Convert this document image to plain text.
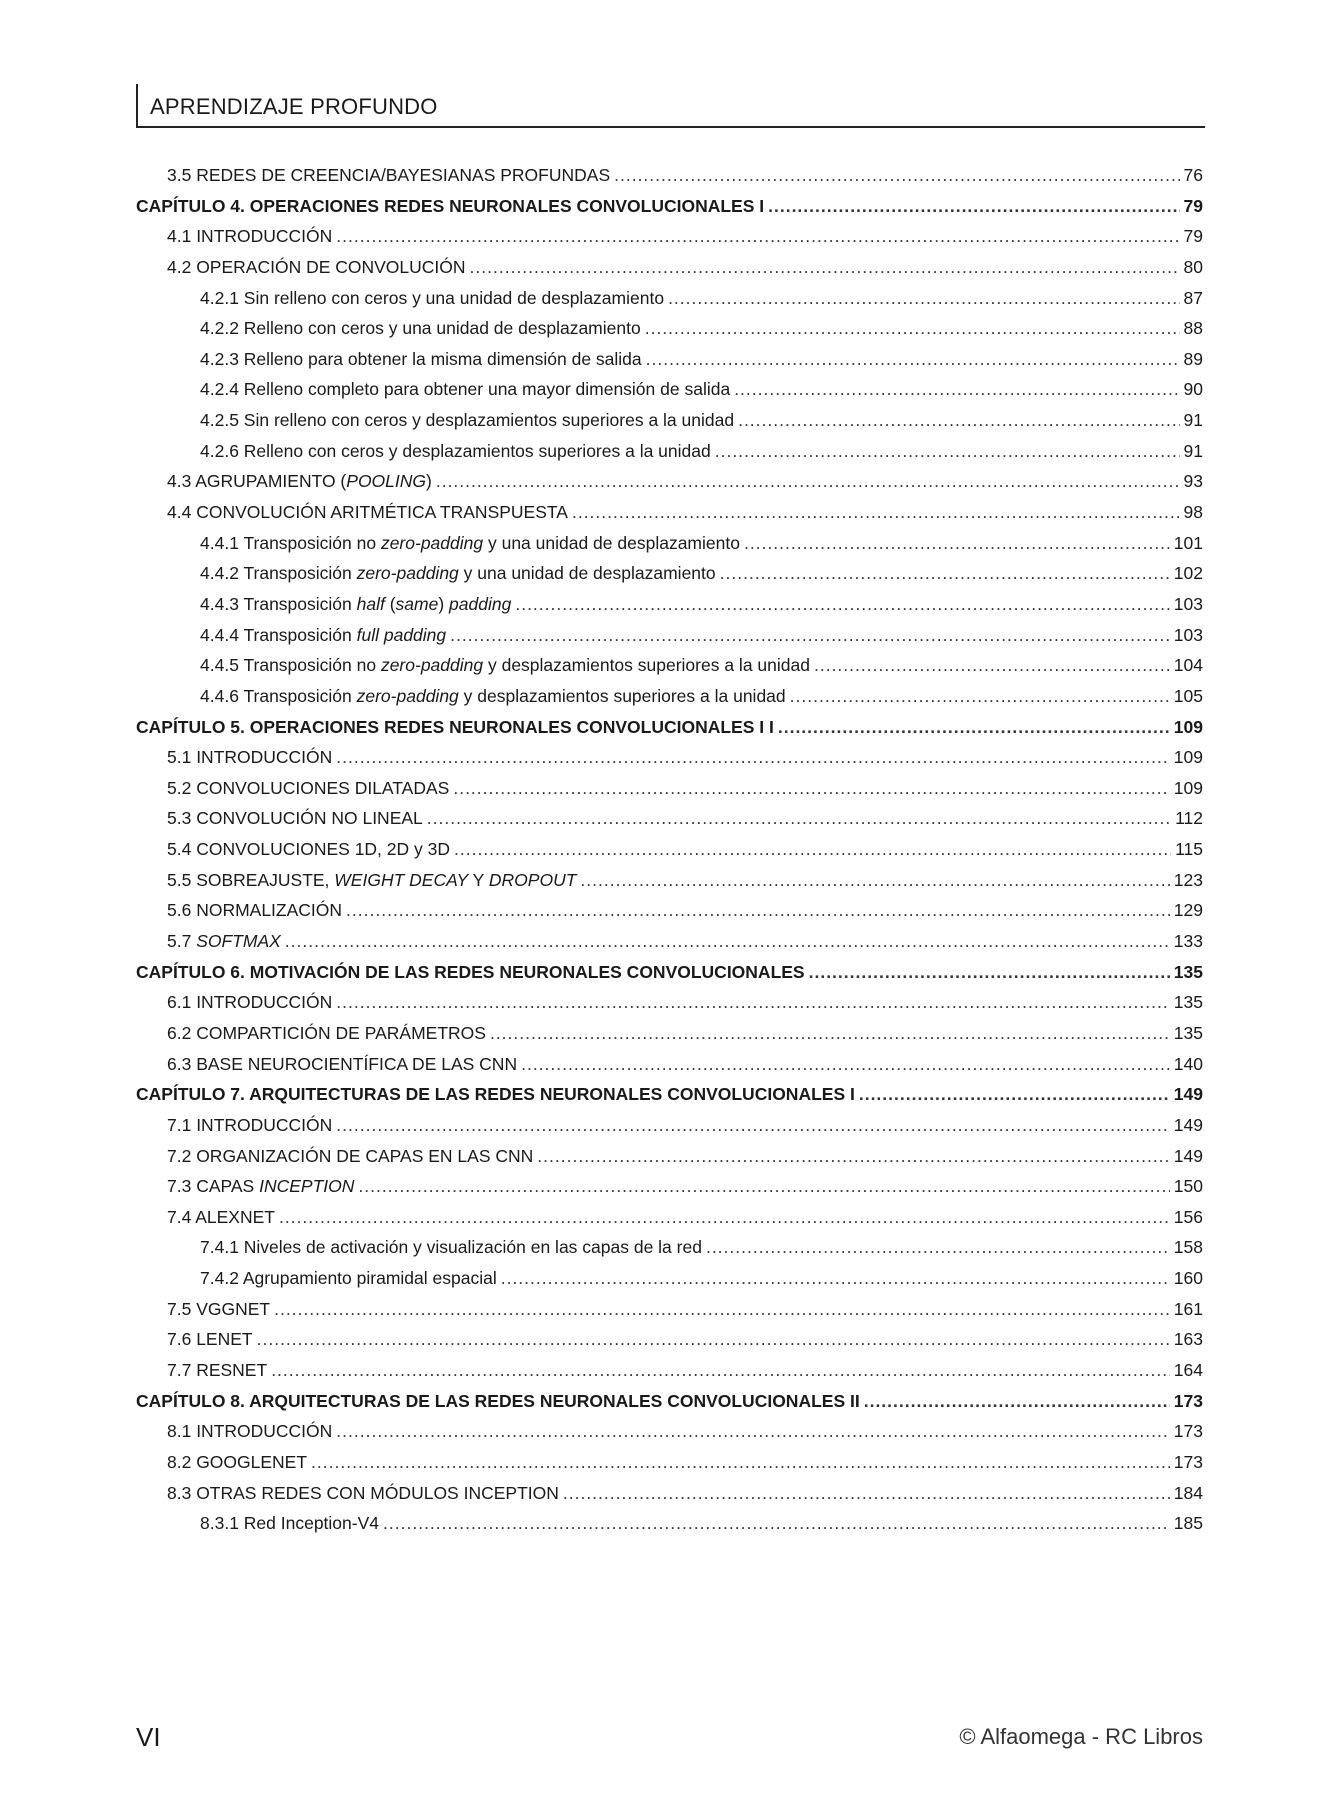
APRENDIZAJE PROFUNDO
3.5 REDES DE CREENCIA/BAYESIANAS PROFUNDAS .....	76
CAPÍTULO 4. OPERACIONES REDES NEURONALES CONVOLUCIONALES I .....	79
4.1 INTRODUCCIÓN .....	79
4.2 OPERACIÓN DE CONVOLUCIÓN .....	80
4.2.1 Sin relleno con ceros y una unidad de desplazamiento .....	87
4.2.2 Relleno con ceros y una unidad de desplazamiento .....	88
4.2.3 Relleno para obtener la misma dimensión de salida .....	89
4.2.4 Relleno completo para obtener una mayor dimensión de salida .....	90
4.2.5 Sin relleno con ceros y desplazamientos superiores a la unidad .....	91
4.2.6 Relleno con ceros y desplazamientos superiores a la unidad .....	91
4.3 AGRUPAMIENTO (POOLING) .....	93
4.4 CONVOLUCIÓN ARITMÉTICA TRANSPUESTA .....	98
4.4.1 Transposición no zero-padding y una unidad de desplazamiento .....	101
4.4.2 Transposición zero-padding y una unidad de desplazamiento .....	102
4.4.3 Transposición half (same) padding .....	103
4.4.4 Transposición full padding .....	103
4.4.5 Transposición no zero-padding y desplazamientos superiores a la unidad .....	104
4.4.6 Transposición zero-padding y desplazamientos superiores a la unidad .....	105
CAPÍTULO 5. OPERACIONES REDES NEURONALES CONVOLUCIONALES I I .....	109
5.1 INTRODUCCIÓN .....	109
5.2 CONVOLUCIONES DILATADAS .....	109
5.3 CONVOLUCIÓN NO LINEAL .....	112
5.4 CONVOLUCIONES 1D, 2D y 3D .....	115
5.5 SOBREAJUSTE, WEIGHT DECAY Y DROPOUT .....	123
5.6 NORMALIZACIÓN .....	129
5.7 SOFTMAX .....	133
CAPÍTULO 6. MOTIVACIÓN DE LAS REDES NEURONALES CONVOLUCIONALES .....	135
6.1 INTRODUCCIÓN .....	135
6.2 COMPARTICIÓN DE PARÁMETROS .....	135
6.3 BASE NEUROCIENTÍFICA DE LAS CNN .....	140
CAPÍTULO 7. ARQUITECTURAS DE LAS REDES NEURONALES CONVOLUCIONALES I .....	149
7.1 INTRODUCCIÓN .....	149
7.2 ORGANIZACIÓN DE CAPAS EN LAS CNN .....	149
7.3 CAPAS INCEPTION .....	150
7.4 ALEXNET .....	156
7.4.1 Niveles de activación y visualización en las capas de la red .....	158
7.4.2 Agrupamiento piramidal espacial .....	160
7.5 VGGNET .....	161
7.6 LENET .....	163
7.7 RESNET .....	164
CAPÍTULO 8. ARQUITECTURAS DE LAS REDES NEURONALES CONVOLUCIONALES II .....	173
8.1 INTRODUCCIÓN .....	173
8.2 GOOGLENET .....	173
8.3 OTRAS REDES CON MÓDULOS INCEPTION .....	184
8.3.1 Red Inception-V4 .....	185
VI	© Alfaomega - RC Libros
